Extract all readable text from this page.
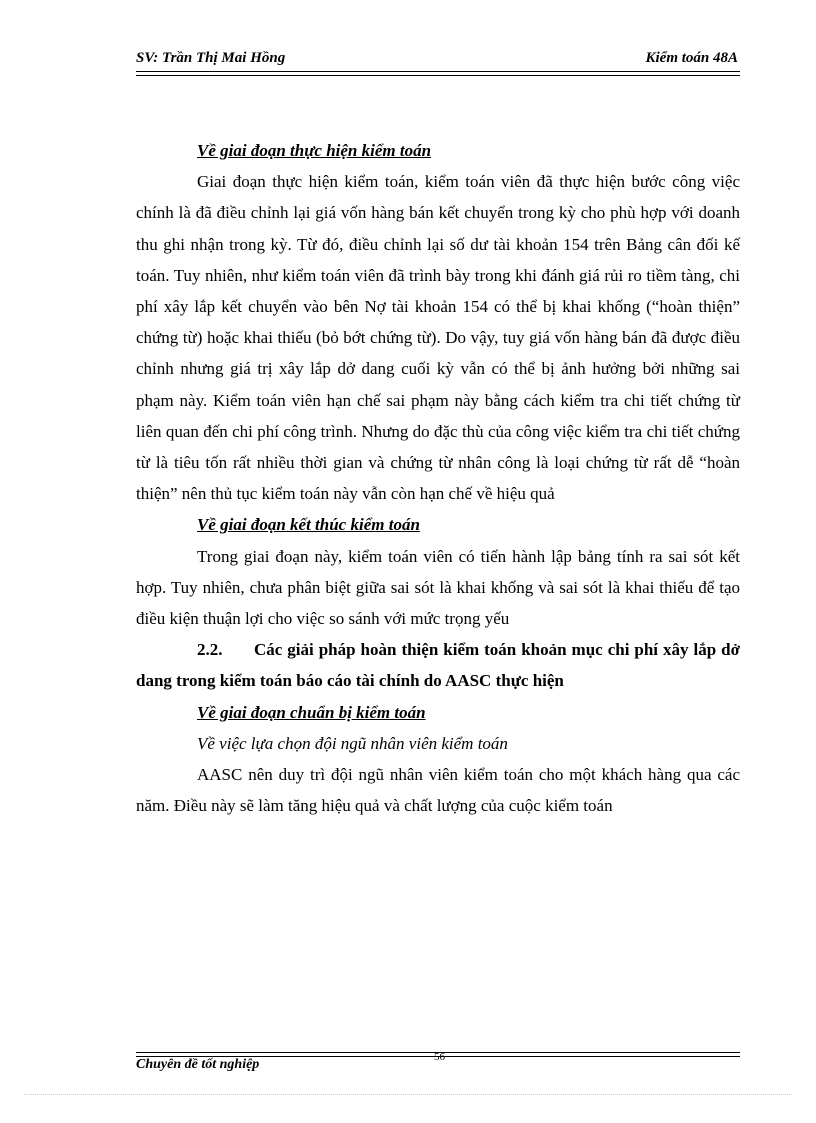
SV: Trần Thị Mai Hồng	Kiểm toán 48A

Về giai đoạn thực hiện kiểm toán

Giai đoạn thực hiện kiểm toán, kiểm toán viên đã thực hiện bước công việc chính là đã điều chỉnh lại giá vốn hàng bán kết chuyển trong kỳ cho phù hợp với doanh thu ghi nhận trong kỳ. Từ đó, điều chỉnh lại số dư tài khoản 154 trên Bảng cân đối kế toán. Tuy nhiên, như kiểm toán viên đã trình bày trong khi đánh giá rủi ro tiềm tàng, chi phí xây lắp kết chuyển vào bên Nợ tài khoản 154 có thể bị khai khống (“hoàn thiện” chứng từ) hoặc khai thiếu (bỏ bớt chứng từ). Do vậy, tuy giá vốn hàng bán đã được điều chỉnh nhưng giá trị xây lắp dở dang cuối kỳ vẫn có thể bị ảnh hưởng bởi những sai phạm này. Kiểm toán viên hạn chế sai phạm này bằng cách kiểm tra chi tiết chứng từ liên quan đến chi phí công trình. Nhưng do đặc thù của công việc kiểm tra chi tiết chứng từ là tiêu tốn rất nhiều thời gian và chứng từ nhân công là loại chứng từ rất dễ “hoàn thiện” nên thủ tục kiểm toán này vẫn còn hạn chế về hiệu quả

Về giai đoạn kết thúc kiểm toán

Trong giai đoạn này, kiểm toán viên có tiến hành lập bảng tính ra sai sót kết hợp. Tuy nhiên, chưa phân biệt giữa sai sót là khai khống và sai sót là khai thiếu để tạo điều kiện thuận lợi cho việc so sánh với mức trọng yếu

2.2. Các giải pháp hoàn thiện kiểm toán khoản mục chi phí xây lắp dở dang trong kiểm toán báo cáo tài chính do AASC thực hiện

Về giai đoạn chuẩn bị kiểm toán

Về việc lựa chọn đội ngũ nhân viên kiểm toán

AASC nên duy trì đội ngũ nhân viên kiểm toán cho một khách hàng qua các năm. Điều này sẽ làm tăng hiệu quả và chất lượng của cuộc kiểm toán

Chuyên đề tốt nghiệp	56
